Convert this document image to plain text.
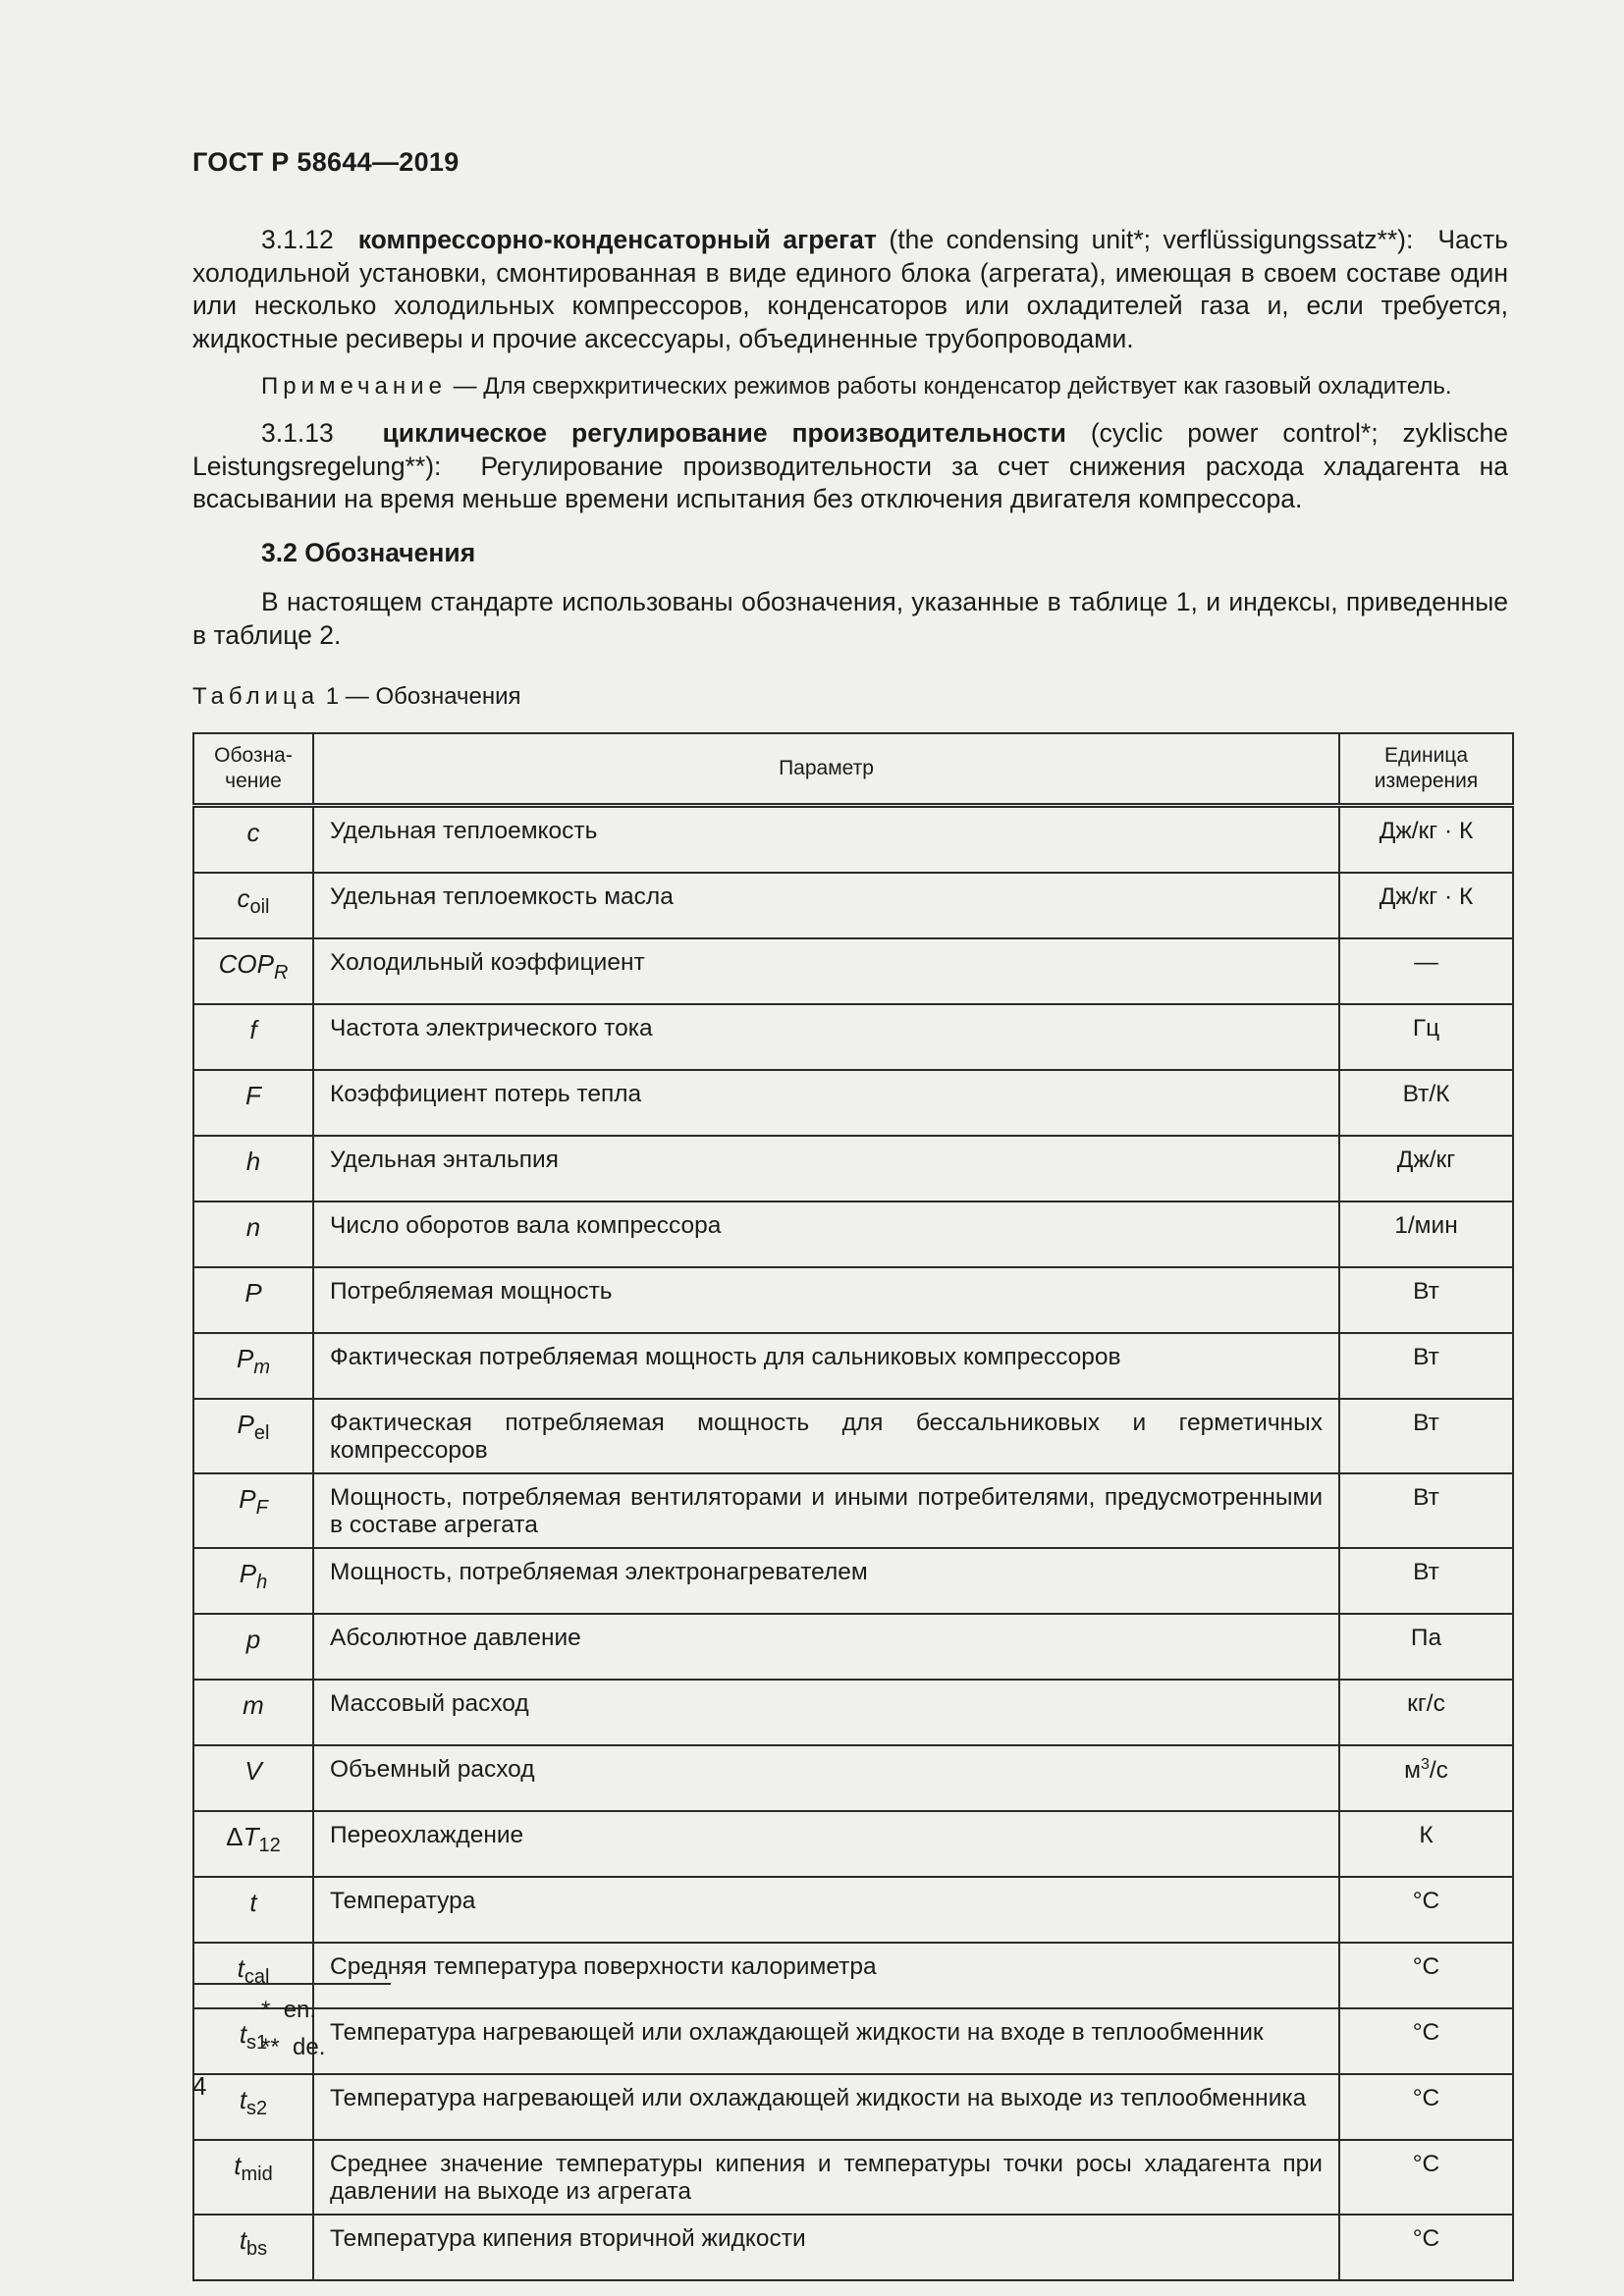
ГОСТ Р 58644—2019

3.1.12 компрессорно-конденсаторный агрегат (the condensing unit*; verflüssigungssatz**): Часть холодильной установки, смонтированная в виде единого блока (агрегата), имеющая в своем составе один или несколько холодильных компрессоров, конденсаторов или охладителей газа и, если требуется, жидкостные ресиверы и прочие аксессуары, объединенные трубопроводами.

Примечание — Для сверхкритических режимов работы конденсатор действует как газовый охладитель.

3.1.13 циклическое регулирование производительности (cyclic power control*; zyklische Leistungsregelung**): Регулирование производительности за счет снижения расхода хладагента на всасывании на время меньше времени испытания без отключения двигателя компрессора.

3.2 Обозначения

В настоящем стандарте использованы обозначения, указанные в таблице 1, и индексы, приведенные в таблице 2.

Таблица 1 — Обозначения
Обозна-чение	Параметр	Единица измерения
c	Удельная теплоемкость	Дж/кг · К
$c_{oil}$	Удельная теплоемкость масла	Дж/кг · К
$COP_R$	Холодильный коэффициент	—
f	Частота электрического тока	Гц
F	Коэффициент потерь тепла	Вт/К
h	Удельная энтальпия	Дж/кг
n	Число оборотов вала компрессора	1/мин
P	Потребляемая мощность	Вт
$P_m$	Фактическая потребляемая мощность для сальниковых компрессоров	Вт
$P_{el}$	Фактическая потребляемая мощность для бессальниковых и герметичных компрессоров	Вт
$P_F$	Мощность, потребляемая вентиляторами и иными потребителями, предусмотренными в составе агрегата	Вт
$P_h$	Мощность, потребляемая электронагревателем	Вт
p	Абсолютное давление	Па
m	Массовый расход	кг/с
V	Объемный расход	$м^3/с$
$\Delta T_{12}$	Переохлаждение	К
t	Температура	°С
$t_{cal}$	Средняя температура поверхности калориметра	°С
$t_{s1}$	Температура нагревающей или охлаждающей жидкости на входе в теплообменник	°С
$t_{s2}$	Температура нагревающей или охлаждающей жидкости на выходе из теплообменника	°С
$t_{mid}$	Среднее значение температуры кипения и температуры точки росы хладагента при давлении на выходе из агрегата	°С
$t_{bs}$	Температура кипения вторичной жидкости	°С
* en.
** de.
4
